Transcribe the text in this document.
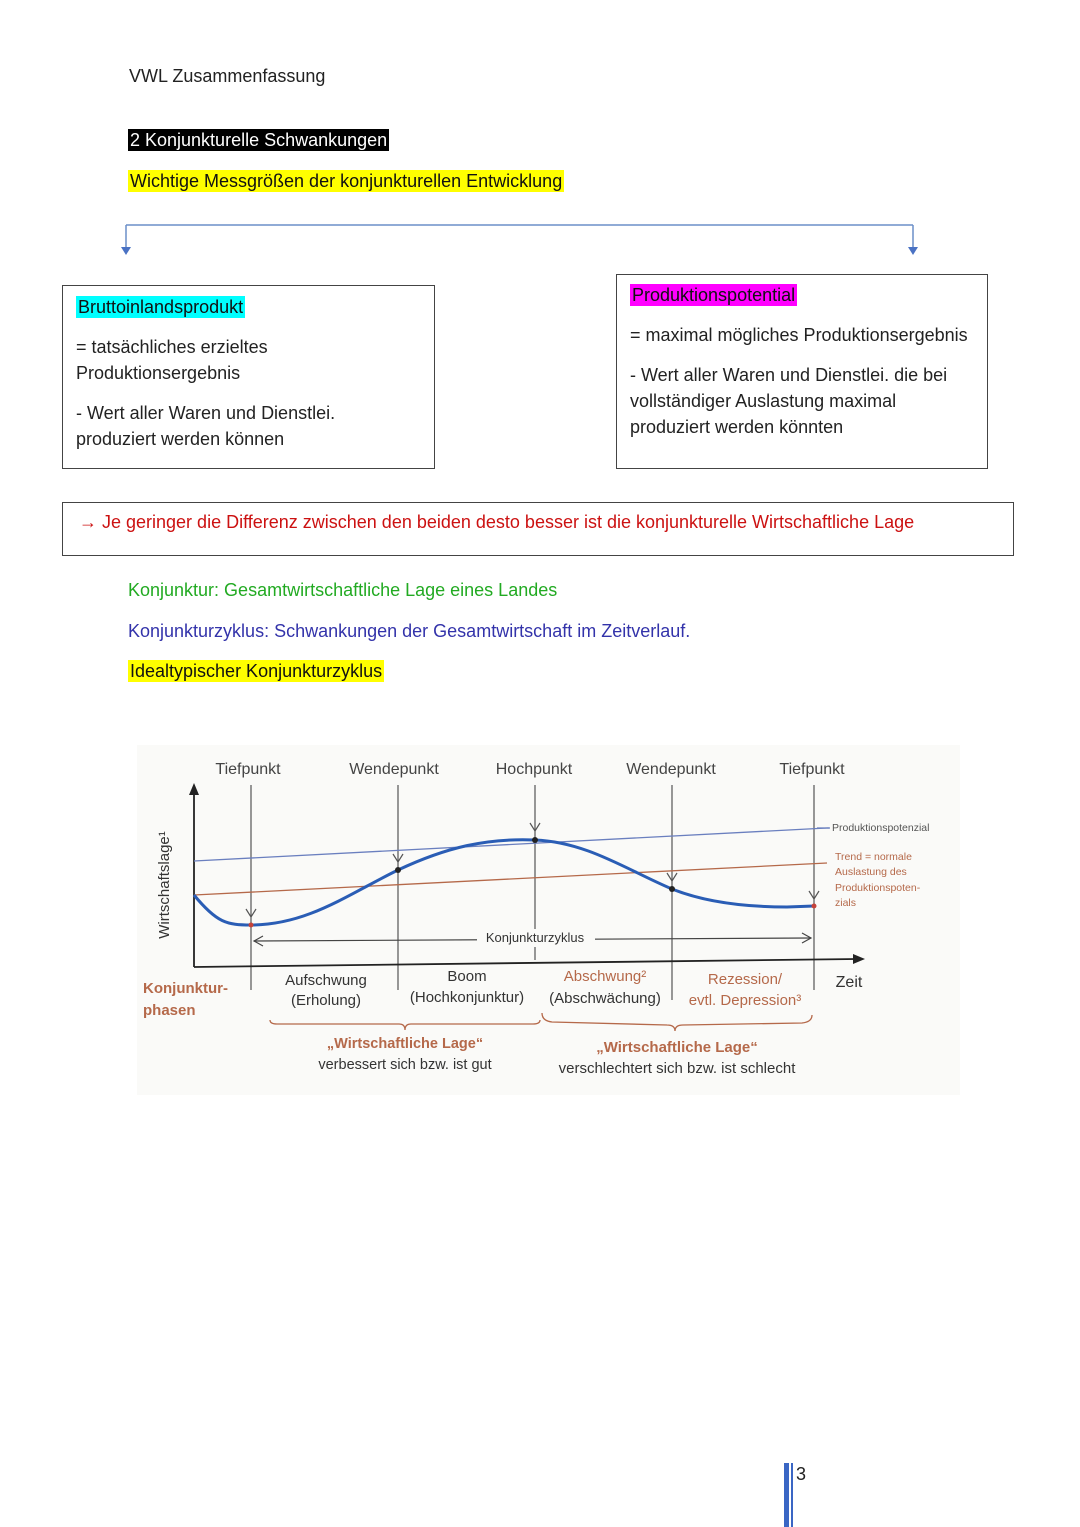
VWL Zusammenfassung
2 Konjunkturelle Schwankungen
Wichtige Messgrößen der konjunkturellen Entwicklung

Bruttoinlandsprodukt

= tatsächliches erzieltes

Produktionsergebnis

- Wert aller Waren und Dienstlei.

produziert werden können

Produktionspotential

= maximal mögliches Produktionsergebnis

- Wert aller Waren und Dienstlei. die bei

vollständiger Auslastung maximal

produziert werden könnten

→ Je geringer die Differenz zwischen den beiden desto besser ist die konjunkturelle Wirtschaftliche Lage
Konjunktur: Gesamtwirtschaftliche Lage eines Landes
Konjunkturzyklus: Schwankungen der Gesamtwirtschaft im Zeitverlauf.
Idealtypischer Konjunkturzyklus
Tiefpunkt	Wendepunkt	Hochpunkt	Wendepunkt	Tiefpunkt
Wirtschaftslage¹
Produktionspotenzial
Trend = normale
Auslastung des
Produktionspoten-
zials
Konjunkturzyklus
Zeit
Konjunktur-
phasen
Aufschwung
(Erholung)
Boom
(Hochkonjunktur)
Abschwung²
(Abschwächung)
Rezession/
evtl. Depression³
„Wirtschaftliche Lage“
verbessert sich bzw. ist gut
„Wirtschaftliche Lage“
verschlechtert sich bzw. ist schlecht
3
